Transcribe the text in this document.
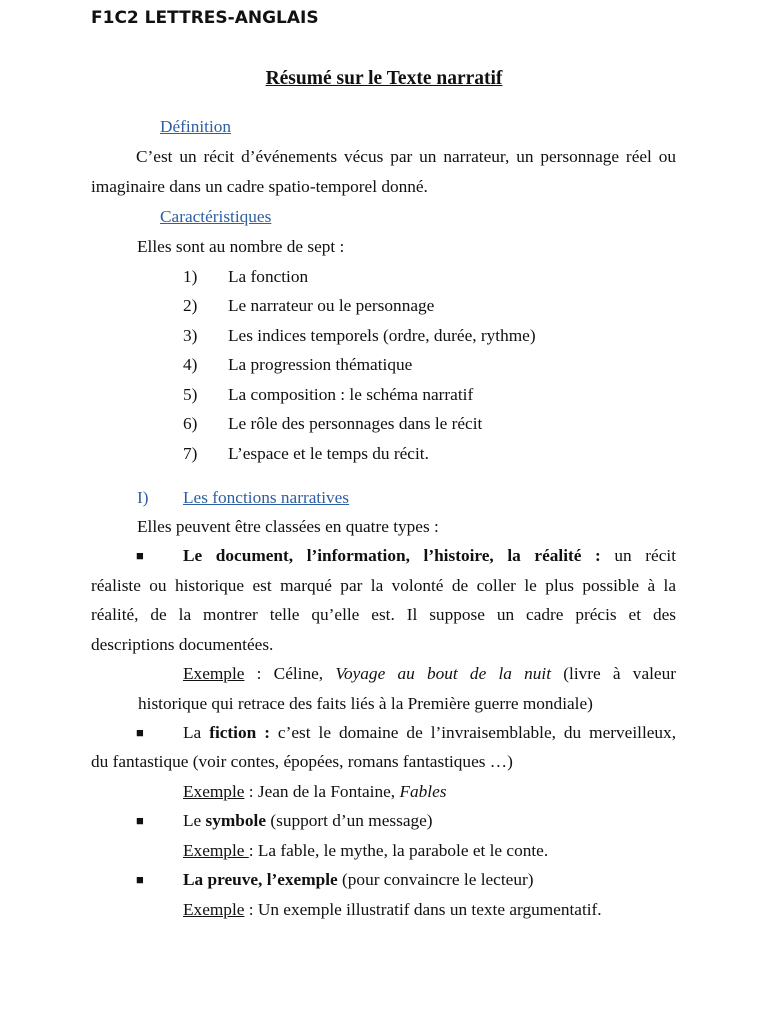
F1C2 LETTRES-ANGLAIS
Résumé sur le Texte narratif
Définition
C’est un récit d’événements vécus par un narrateur, un personnage réel ou
imaginaire dans un cadre spatio-temporel donné.
Caractéristiques
Elles sont au nombre de sept :
1) La fonction
2) Le narrateur ou le personnage
3) Les indices temporels (ordre, durée, rythme)
4) La progression thématique
5) La composition : le schéma narratif
6) Le rôle des personnages dans le récit
7) L’espace et le temps du récit.
I) Les fonctions narratives
Elles peuvent être classées en quatre types :
■ Le document, l’information, l’histoire, la réalité : un récit
réaliste ou historique est marqué par la volonté de coller le plus possible à la
réalité, de la montrer telle qu’elle est. Il suppose un cadre précis et des
descriptions documentées.
Exemple : Céline, Voyage au bout de la nuit (livre à valeur
historique qui retrace des faits liés à la Première guerre mondiale)
■ La fiction : c’est le domaine de l’invraisemblable, du merveilleux,
du fantastique (voir contes, épopées, romans fantastiques …)
Exemple : Jean de la Fontaine, Fables
■ Le symbole (support d’un message)
Exemple : La fable, le mythe, la parabole et le conte.
■ La preuve, l’exemple (pour convaincre le lecteur)
Exemple : Un exemple illustratif dans un texte argumentatif.
